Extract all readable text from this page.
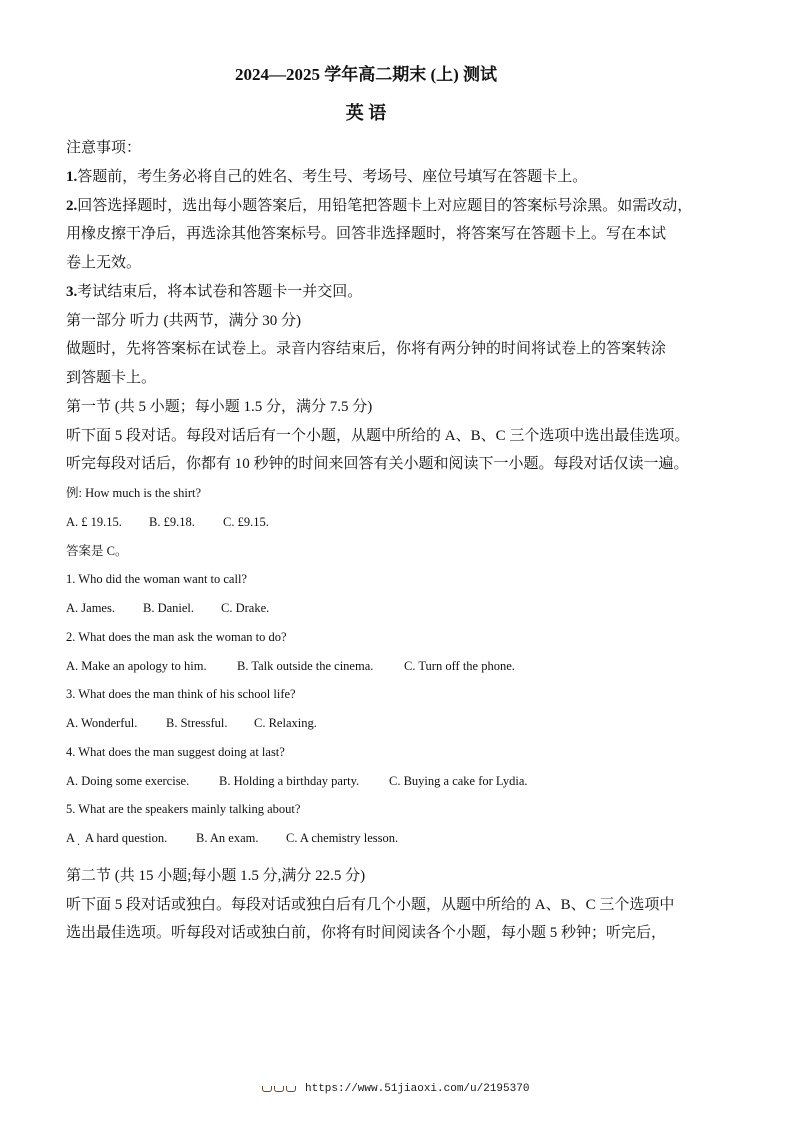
2024—2025 学年高二期末 (上) 测试
英 语
注意事项：
1.答题前，考生务必将自己的姓名、考生号、考场号、座位号填写在答题卡上。
2.回答选择题时，选出每小题答案后，用铅笔把答题卡上对应题目的答案标号涂黑。如需改动，
用橡皮擦干净后，再选涂其他答案标号。回答非选择题时，将答案写在答题卡上。写在本试
卷上无效。
3.考试结束后，将本试卷和答题卡一并交回。
第一部分 听力 (共两节，满分 30 分)
做题时，先将答案标在试卷上。录音内容结束后，你将有两分钟的时间将试卷上的答案转涂
到答题卡上。
第一节 (共 5 小题；每小题 1.5 分，满分 7.5 分)
听下面 5 段对话。每段对话后有一个小题，从题中所给的 A、B、C 三个选项中选出最佳选项。
听完每段对话后，你都有 10 秒钟的时间来回答有关小题和阅读下一小题。每段对话仅读一遍。
例: How much is the shirt?
A. £ 19.15. B. £9.18. C. £9.15.
答案是 C。
1. Who did the woman want to call?
A. James. B. Daniel. C. Drake.
2. What does the man ask the woman to do?
A. Make an apology to him. B. Talk outside the cinema. C. Turn off the phone.
3. What does the man think of his school life?
A. Wonderful. B. Stressful. C. Relaxing.
4. What does the man suggest doing at last?
A. Doing some exercise. B. Holding a birthday party. C. Buying a cake for Lydia.
5. What are the speakers mainly talking about?
A . A hard question. B. An exam. C. A chemistry lesson.
第二节 (共 15 小题;每小题 1.5 分,满分 22.5 分)
听下面 5 段对话或独白。每段对话或独白后有几个小题，从题中所给的 A、B、C 三个选项中
选出最佳选项。听每段对话或独白前，你将有时间阅读各个小题，每小题 5 秒钟；听完后，
https://www.51jiaoxi.com/u/2195370
